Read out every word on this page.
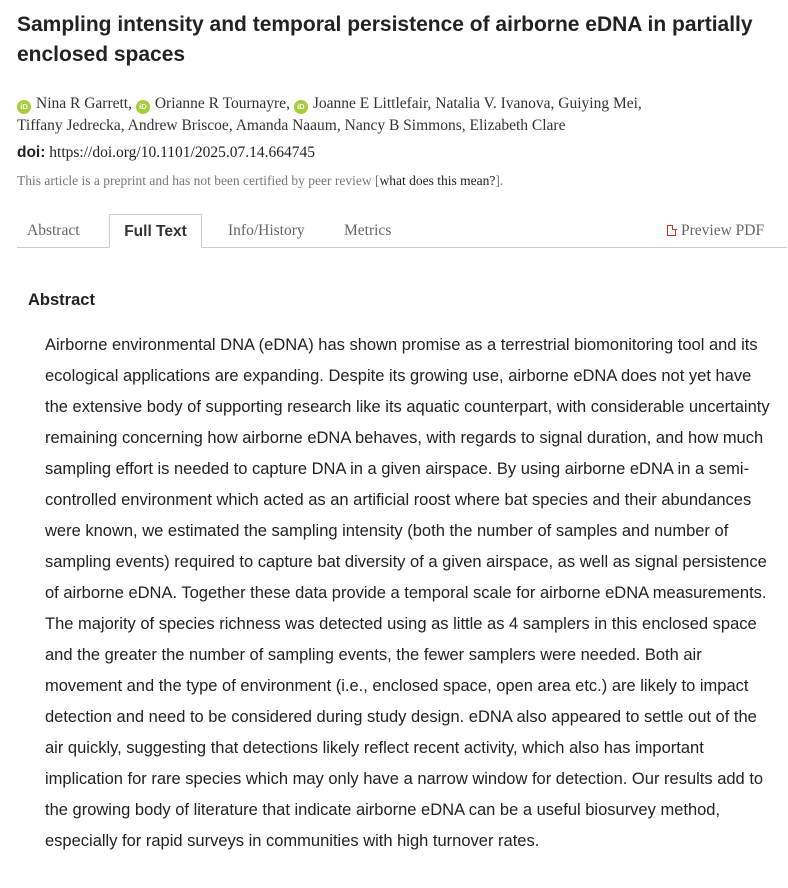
Sampling intensity and temporal persistence of airborne eDNA in partially enclosed spaces
iD Nina R Garrett, iD Orianne R Tournayre, iD Joanne E Littlefair, Natalia V. Ivanova, Guiying Mei,
Tiffany Jedrecka, Andrew Briscoe, Amanda Naaum, Nancy B Simmons, Elizabeth Clare
doi: https://doi.org/10.1101/2025.07.14.664745
This article is a preprint and has not been certified by peer review [what does this mean?].
Abstract	Full Text	Info/History	Metrics	Preview PDF
Abstract

Airborne environmental DNA (eDNA) has shown promise as a terrestrial biomonitoring tool and its ecological applications are expanding. Despite its growing use, airborne eDNA does not yet have the extensive body of supporting research like its aquatic counterpart, with considerable uncertainty remaining concerning how airborne eDNA behaves, with regards to signal duration, and how much sampling effort is needed to capture DNA in a given airspace. By using airborne eDNA in a semi-controlled environment which acted as an artificial roost where bat species and their abundances were known, we estimated the sampling intensity (both the number of samples and number of sampling events) required to capture bat diversity of a given airspace, as well as signal persistence of airborne eDNA. Together these data provide a temporal scale for airborne eDNA measurements. The majority of species richness was detected using as little as 4 samplers in this enclosed space and the greater the number of sampling events, the fewer samplers were needed. Both air movement and the type of environment (i.e., enclosed space, open area etc.) are likely to impact detection and need to be considered during study design. eDNA also appeared to settle out of the air quickly, suggesting that detections likely reflect recent activity, which also has important implication for rare species which may only have a narrow window for detection. Our results add to the growing body of literature that indicate airborne eDNA can be a useful biosurvey method, especially for rapid surveys in communities with high turnover rates.
